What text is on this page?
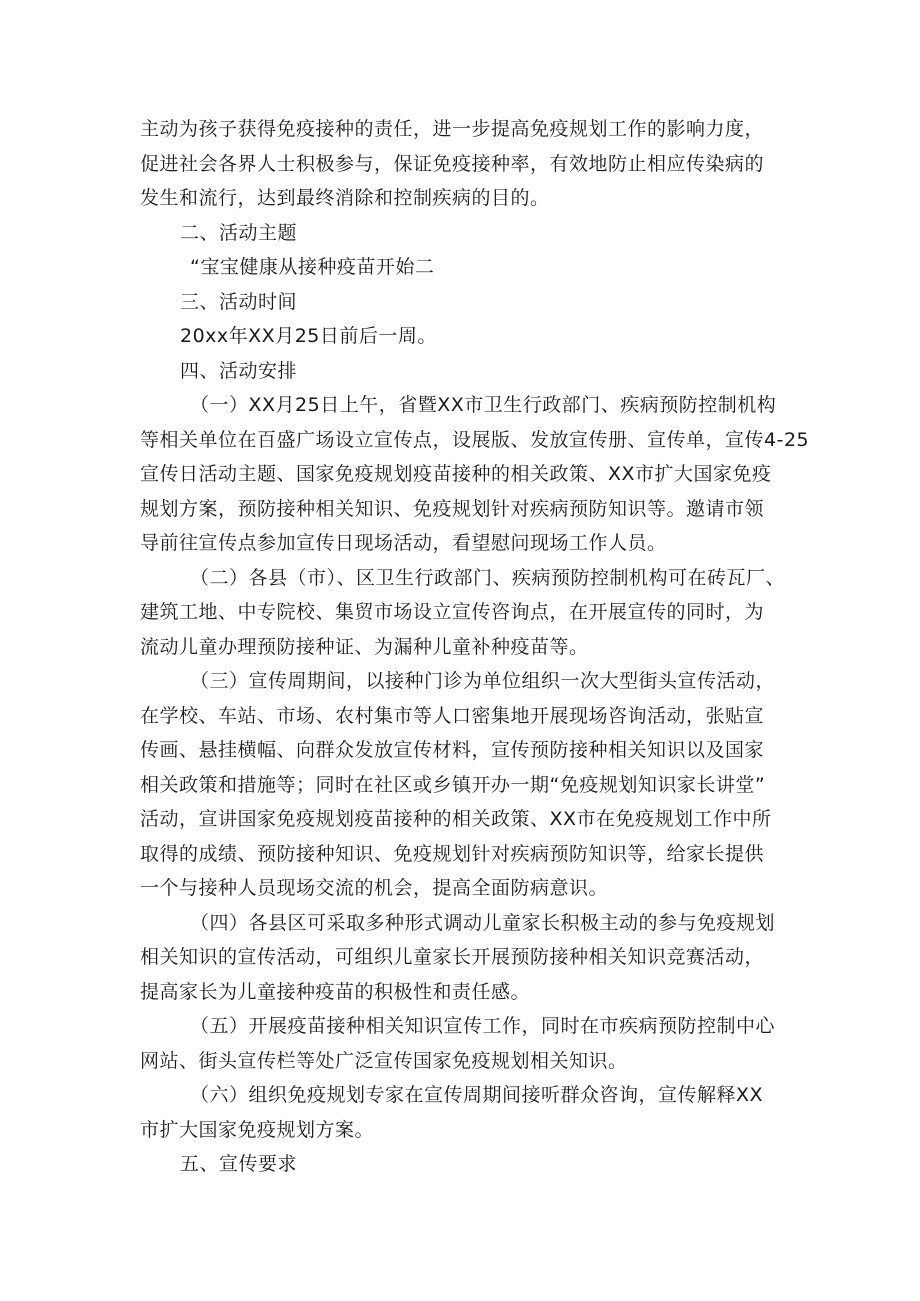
主动为孩子获得免疫接种的责任，进一步提高免疫规划工作的影响力度，
促进社会各界人士积极参与，保证免疫接种率，有效地防止相应传染病的
发生和流行，达到最终消除和控制疾病的目的。
二、活动主题
“宝宝健康从接种疫苗开始二
三、活动时间
20xx年XX月25日前后一周。
四、活动安排
（一）XX月25日上午，省暨XX市卫生行政部门、疾病预防控制机构
等相关单位在百盛广场设立宣传点，设展版、发放宣传册、宣传单，宣传4-25
宣传日活动主题、国家免疫规划疫苗接种的相关政策、XX市扩大国家免疫
规划方案，预防接种相关知识、免疫规划针对疾病预防知识等。邀请市领
导前往宣传点参加宣传日现场活动，看望慰问现场工作人员。
（二）各县（市）、区卫生行政部门、疾病预防控制机构可在砖瓦厂、
建筑工地、中专院校、集贸市场设立宣传咨询点，在开展宣传的同时，为
流动儿童办理预防接种证、为漏种儿童补种疫苗等。
（三）宣传周期间，以接种门诊为单位组织一次大型街头宣传活动，
在学校、车站、市场、农村集市等人口密集地开展现场咨询活动，张贴宣
传画、悬挂横幅、向群众发放宣传材料，宣传预防接种相关知识以及国家
相关政策和措施等；同时在社区或乡镇开办一期“免疫规划知识家长讲堂”
活动，宣讲国家免疫规划疫苗接种的相关政策、XX市在免疫规划工作中所
取得的成绩、预防接种知识、免疫规划针对疾病预防知识等，给家长提供
一个与接种人员现场交流的机会，提高全面防病意识。
（四）各县区可采取多种形式调动儿童家长积极主动的参与免疫规划
相关知识的宣传活动，可组织儿童家长开展预防接种相关知识竞赛活动，
提高家长为儿童接种疫苗的积极性和责任感。
（五）开展疫苗接种相关知识宣传工作，同时在市疾病预防控制中心
网站、街头宣传栏等处广泛宣传国家免疫规划相关知识。
（六）组织免疫规划专家在宣传周期间接听群众咨询，宣传解释XX
市扩大国家免疫规划方案。
五、宣传要求
